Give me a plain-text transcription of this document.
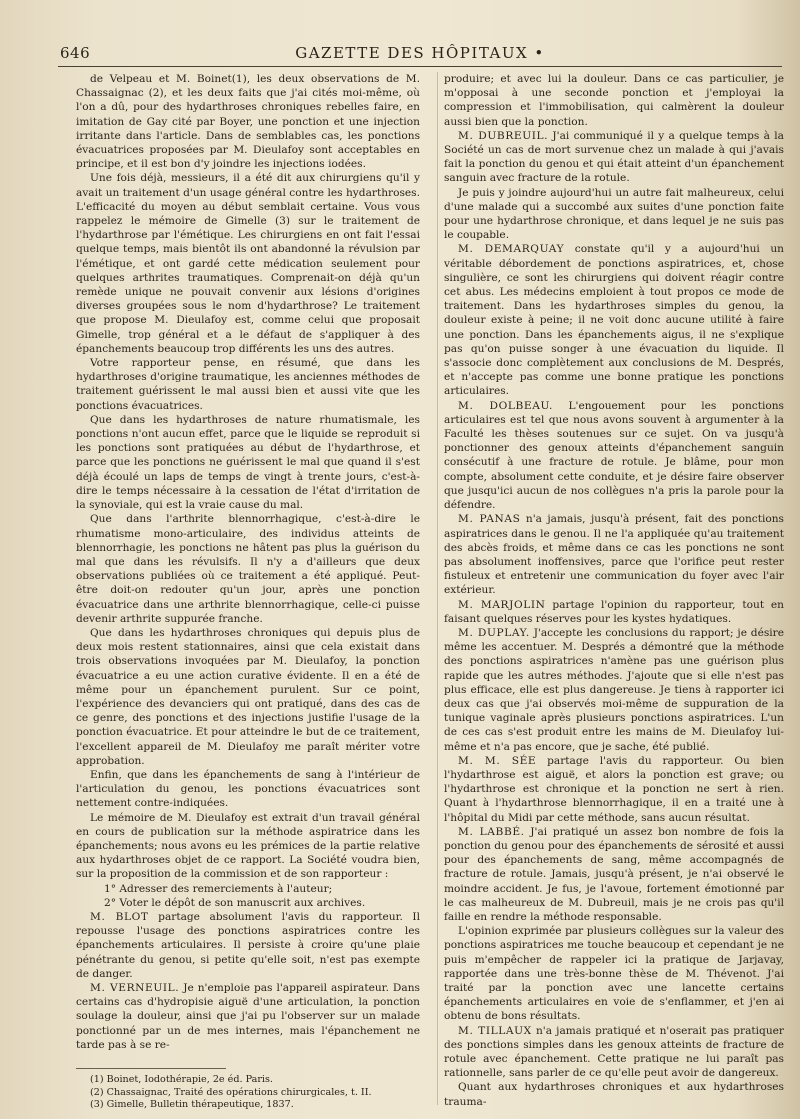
646	GAZETTE DES HÔPITAUX •

de Velpeau et M. Boinet(1), les deux observations de M. Chassaignac (2), et les deux faits que j'ai cités moi-même, où l'on a dû, pour des hydarthroses chroniques rebelles faire, en imitation de Gay cité par Boyer, une ponction et une injection irritante dans l'article. Dans de semblables cas, les ponctions évacuatrices proposées par M. Dieulafoy sont acceptables en principe, et il est bon d'y joindre les injections iodées.

Une fois déjà, messieurs, il a été dit aux chirurgiens qu'il y avait un traitement d'un usage général contre les hydarthroses. L'efficacité du moyen au début semblait certaine. Vous vous rappelez le mémoire de Gimelle (3) sur le traitement de l'hydarthrose par l'émétique. Les chirurgiens en ont fait l'essai quelque temps, mais bientôt ils ont abandonné la révulsion par l'émétique, et ont gardé cette médication seulement pour quelques arthrites traumatiques. Comprenait-on déjà qu'un remède unique ne pouvait convenir aux lésions d'origines diverses groupées sous le nom d'hydarthrose? Le traitement que propose M. Dieulafoy est, comme celui que proposait Gimelle, trop général et a le défaut de s'appliquer à des épanchements beaucoup trop différents les uns des autres.

Votre rapporteur pense, en résumé, que dans les hydarthroses d'origine traumatique, les anciennes méthodes de traitement guérissent le mal aussi bien et aussi vite que les ponctions évacuatrices.

Que dans les hydarthroses de nature rhumatismale, les ponctions n'ont aucun effet, parce que le liquide se reproduit si les ponctions sont pratiquées au début de l'hydarthrose, et parce que les ponctions ne guérissent le mal que quand il s'est déjà écoulé un laps de temps de vingt à trente jours, c'est-à-dire le temps nécessaire à la cessation de l'état d'irritation de la synoviale, qui est la vraie cause du mal.

Que dans l'arthrite blennorrhagique, c'est-à-dire le rhumatisme mono-articulaire, des individus atteints de blennorrhagie, les ponctions ne hâtent pas plus la guérison du mal que dans les révulsifs. Il n'y a d'ailleurs que deux observations publiées où ce traitement a été appliqué. Peut-être doit-on redouter qu'un jour, après une ponction évacuatrice dans une arthrite blennorrhagique, celle-ci puisse devenir arthrite suppurée franche.

Que dans les hydarthroses chroniques qui depuis plus de deux mois restent stationnaires, ainsi que cela existait dans trois observations invoquées par M. Dieulafoy, la ponction évacuatrice a eu une action curative évidente. Il en a été de même pour un épanchement purulent. Sur ce point, l'expérience des devanciers qui ont pratiqué, dans des cas de ce genre, des ponctions et des injections justifie l'usage de la ponction évacuatrice. Et pour atteindre le but de ce traitement, l'excellent appareil de M. Dieulafoy me paraît mériter votre approbation.

Enfin, que dans les épanchements de sang à l'intérieur de l'articulation du genou, les ponctions évacuatrices sont nettement contre-indiquées.

Le mémoire de M. Dieulafoy est extrait d'un travail général en cours de publication sur la méthode aspiratrice dans les épanchements; nous avons eu les prémices de la partie relative aux hydarthroses objet de ce rapport. La Société voudra bien, sur la proposition de la commission et de son rapporteur :

1° Adresser des remerciements à l'auteur;

2° Voter le dépôt de son manuscrit aux archives.

M. BLOT partage absolument l'avis du rapporteur. Il repousse l'usage des ponctions aspiratrices contre les épanchements articulaires. Il persiste à croire qu'une plaie pénétrante du genou, si petite qu'elle soit, n'est pas exempte de danger.

M. VERNEUIL. Je n'emploie pas l'appareil aspirateur. Dans certains cas d'hydropisie aiguë d'une articulation, la ponction soulage la douleur, ainsi que j'ai pu l'observer sur un malade ponctionné par un de mes internes, mais l'épanchement ne tarde pas à se re-

(1) Boinet, Iodothérapie, 2e éd. Paris.
(2) Chassaignac, Traité des opérations chirurgicales, t. II.
(3) Gimelle, Bulletin thérapeutique, 1837.

produire; et avec lui la douleur. Dans ce cas particulier, je m'opposai à une seconde ponction et j'employai la compression et l'immobilisation, qui calmèrent la douleur aussi bien que la ponction.

M. DUBREUIL. J'ai communiqué il y a quelque temps à la Société un cas de mort survenue chez un malade à qui j'avais fait la ponction du genou et qui était atteint d'un épanchement sanguin avec fracture de la rotule.

Je puis y joindre aujourd'hui un autre fait malheureux, celui d'une malade qui a succombé aux suites d'une ponction faite pour une hydarthrose chronique, et dans lequel je ne suis pas le coupable.

M. DEMARQUAY constate qu'il y a aujourd'hui un véritable débordement de ponctions aspiratrices, et, chose singulière, ce sont les chirurgiens qui doivent réagir contre cet abus. Les médecins emploient à tout propos ce mode de traitement. Dans les hydarthroses simples du genou, la douleur existe à peine; il ne voit donc aucune utilité à faire une ponction. Dans les épanchements aigus, il ne s'explique pas qu'on puisse songer à une évacuation du liquide. Il s'associe donc complètement aux conclusions de M. Després, et n'accepte pas comme une bonne pratique les ponctions articulaires.

M. DOLBEAU. L'engouement pour les ponctions articulaires est tel que nous avons souvent à argumenter à la Faculté les thèses soutenues sur ce sujet. On va jusqu'à ponctionner des genoux atteints d'épanchement sanguin consécutif à une fracture de rotule. Je blâme, pour mon compte, absolument cette conduite, et je désire faire observer que jusqu'ici aucun de nos collègues n'a pris la parole pour la défendre.

M. PANAS n'a jamais, jusqu'à présent, fait des ponctions aspiratrices dans le genou. Il ne l'a appliquée qu'au traitement des abcès froids, et même dans ce cas les ponctions ne sont pas absolument inoffensives, parce que l'orifice peut rester fistuleux et entretenir une communication du foyer avec l'air extérieur.

M. MARJOLIN partage l'opinion du rapporteur, tout en faisant quelques réserves pour les kystes hydatiques.

M. DUPLAY. J'accepte les conclusions du rapport; je désire même les accentuer. M. Després a démontré que la méthode des ponctions aspiratrices n'amène pas une guérison plus rapide que les autres méthodes. J'ajoute que si elle n'est pas plus efficace, elle est plus dangereuse. Je tiens à rapporter ici deux cas que j'ai observés moi-même de suppuration de la tunique vaginale après plusieurs ponctions aspiratrices. L'un de ces cas s'est produit entre les mains de M. Dieulafoy lui-même et n'a pas encore, que je sache, été publié.

M. M. SÉE partage l'avis du rapporteur. Ou bien l'hydarthrose est aiguë, et alors la ponction est grave; ou l'hydarthrose est chronique et la ponction ne sert à rien. Quant à l'hydarthrose blennorrhagique, il en a traité une à l'hôpital du Midi par cette méthode, sans aucun résultat.

M. LABBÉ. J'ai pratiqué un assez bon nombre de fois la ponction du genou pour des épanchements de sérosité et aussi pour des épanchements de sang, même accompagnés de fracture de rotule. Jamais, jusqu'à présent, je n'ai observé le moindre accident. Je fus, je l'avoue, fortement émotionné par le cas malheureux de M. Dubreuil, mais je ne crois pas qu'il faille en rendre la méthode responsable.

L'opinion exprimée par plusieurs collègues sur la valeur des ponctions aspiratrices me touche beaucoup et cependant je ne puis m'empêcher de rappeler ici la pratique de Jarjavay, rapportée dans une très-bonne thèse de M. Thévenot. J'ai traité par la ponction avec une lancette certains épanchements articulaires en voie de s'enflammer, et j'en ai obtenu de bons résultats.

M. TILLAUX n'a jamais pratiqué et n'oserait pas pratiquer des ponctions simples dans les genoux atteints de fracture de rotule avec épanchement. Cette pratique ne lui paraît pas rationnelle, sans parler de ce qu'elle peut avoir de dangereux.

Quant aux hydarthroses chroniques et aux hydarthroses trauma-
